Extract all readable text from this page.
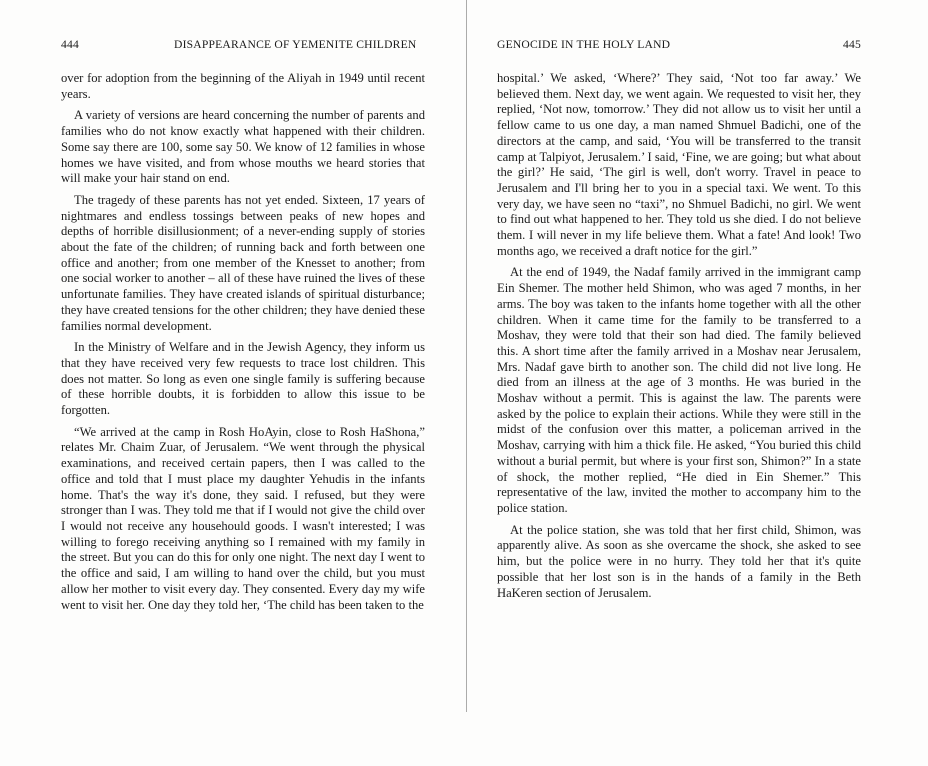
444	DISAPPEARANCE OF YEMENITE CHILDREN

over for adoption from the beginning of the Aliyah in 1949 until recent years.

A variety of versions are heard concerning the number of parents and families who do not know exactly what happened with their children. Some say there are 100, some say 50. We know of 12 families in whose homes we have visited, and from whose mouths we heard stories that will make your hair stand on end.

The tragedy of these parents has not yet ended. Sixteen, 17 years of nightmares and endless tossings between peaks of new hopes and depths of horrible disillusionment; of a never-ending supply of stories about the fate of the children; of running back and forth between one office and another; from one member of the Knesset to another; from one social worker to another – all of these have ruined the lives of these unfortunate families. They have created islands of spiritual disturbance; they have created tensions for the other children; they have denied these families normal development.

In the Ministry of Welfare and in the Jewish Agency, they inform us that they have received very few requests to trace lost children. This does not matter. So long as even one single family is suffering because of these horrible doubts, it is forbidden to allow this issue to be forgotten.

“We arrived at the camp in Rosh HoAyin, close to Rosh HaShona,” relates Mr. Chaim Zuar, of Jerusalem. “We went through the physical examinations, and received certain papers, then I was called to the office and told that I must place my daughter Yehudis in the infants home. That's the way it's done, they said. I refused, but they were stronger than I was. They told me that if I would not give the child over I would not receive any househould goods. I wasn't interested; I was willing to forego receiving anything so I remained with my family in the street. But you can do this for only one night. The next day I went to the office and said, I am willing to hand over the child, but you must allow her mother to visit every day. They consented. Every day my wife went to visit her. One day they told her, ‘The child has been taken to the

GENOCIDE IN THE HOLY LAND	445

hospital.’ We asked, ‘Where?’ They said, ‘Not too far away.’ We believed them. Next day, we went again. We requested to visit her, they replied, ‘Not now, tomorrow.’ They did not allow us to visit her until a fellow came to us one day, a man named Shmuel Badichi, one of the directors at the camp, and said, ‘You will be transferred to the transit camp at Talpiyot, Jerusalem.’ I said, ‘Fine, we are going; but what about the girl?’ He said, ‘The girl is well, don't worry. Travel in peace to Jerusalem and I'll bring her to you in a special taxi. We went. To this very day, we have seen no “taxi”, no Shmuel Badichi, no girl. We went to find out what happened to her. They told us she died. I do not believe them. I will never in my life believe them. What a fate! And look! Two months ago, we received a draft notice for the girl.”

At the end of 1949, the Nadaf family arrived in the immigrant camp Ein Shemer. The mother held Shimon, who was aged 7 months, in her arms. The boy was taken to the infants home together with all the other children. When it came time for the family to be transferred to a Moshav, they were told that their son had died. The family believed this. A short time after the family arrived in a Moshav near Jerusalem, Mrs. Nadaf gave birth to another son. The child did not live long. He died from an illness at the age of 3 months. He was buried in the Moshav without a permit. This is against the law. The parents were asked by the police to explain their actions. While they were still in the midst of the confusion over this matter, a policeman arrived in the Moshav, carrying with him a thick file. He asked, “You buried this child without a burial permit, but where is your first son, Shimon?” In a state of shock, the mother replied, “He died in Ein Shemer.” This representative of the law, invited the mother to accompany him to the police station.

At the police station, she was told that her first child, Shimon, was apparently alive. As soon as she overcame the shock, she asked to see him, but the police were in no hurry. They told her that it's quite possible that her lost son is in the hands of a family in the Beth HaKeren section of Jerusalem.
